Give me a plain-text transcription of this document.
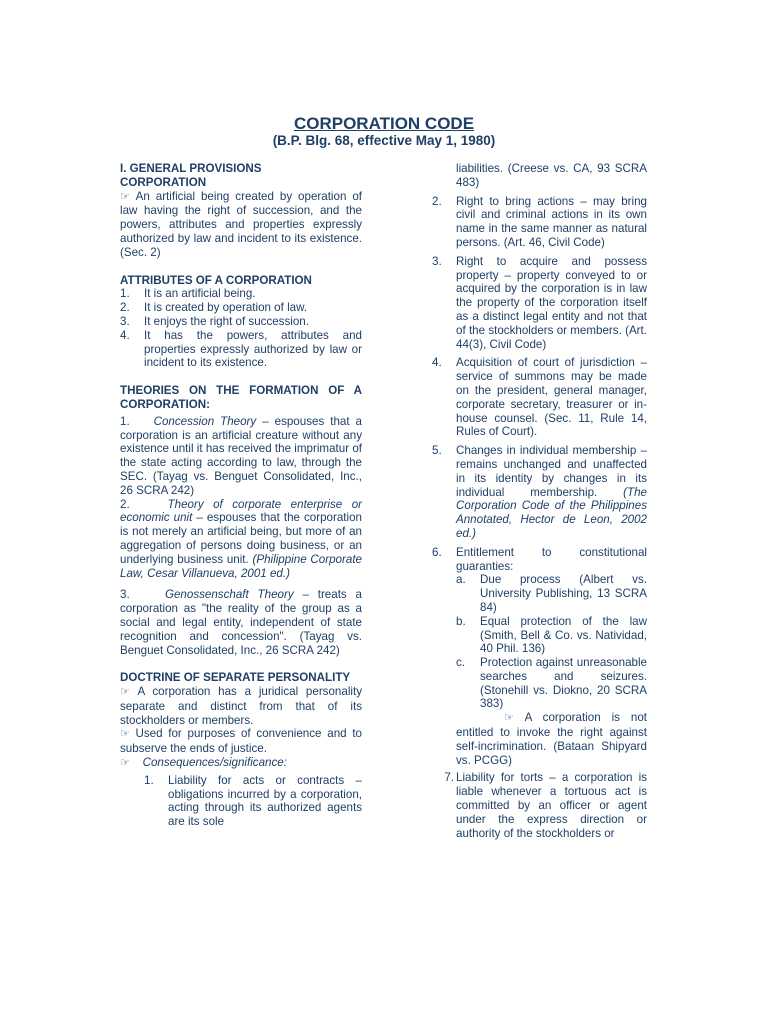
CORPORATION CODE
(B.P. Blg. 68, effective May 1, 1980)
I. GENERAL PROVISIONS
CORPORATION
☞ An artificial being created by operation of law having the right of succession, and the powers, attributes and properties expressly authorized by law and incident to its existence. (Sec. 2)
ATTRIBUTES OF A CORPORATION
1.	It is an artificial being.
2.	It is created by operation of law.
3.	It enjoys the right of succession.
4.	It has the powers, attributes and properties expressly authorized by law or incident to its existence.
THEORIES ON THE FORMATION OF A CORPORATION:
1. Concession Theory – espouses that a corporation is an artificial creature without any existence until it has received the imprimatur of the state acting according to law, through the SEC. (Tayag vs. Benguet Consolidated, Inc., 26 SCRA 242)
2.	Theory of corporate enterprise or economic unit – espouses that the corporation is not merely an artificial being, but more of an aggregation of persons doing business, or an underlying business unit. (Philippine Corporate Law, Cesar Villanueva, 2001 ed.)
3.	Genossenschaft Theory – treats a corporation as "the reality of the group as a social and legal entity, independent of state recognition and concession". (Tayag vs. Benguet Consolidated, Inc., 26 SCRA 242)
DOCTRINE OF SEPARATE PERSONALITY
☞ A corporation has a juridical personality separate and distinct from that of its stockholders or members.
☞ Used for purposes of convenience and to subserve the ends of justice.
☞    Consequences/significance:
1.	Liability for acts or contracts – obligations incurred by a corporation, acting through its authorized agents are its sole
liabilities. (Creese vs. CA, 93 SCRA 483)
2.	Right to bring actions – may bring civil and criminal actions in its own name in the same manner as natural persons. (Art. 46, Civil Code)
3.	Right to acquire and possess property – property conveyed to or acquired by the corporation is in law the property of the corporation itself as a distinct legal entity and not that of the stockholders or members. (Art. 44(3), Civil Code)
4.	Acquisition of court of jurisdiction – service of summons may be made on the president, general manager, corporate secretary, treasurer or in-house counsel. (Sec. 11, Rule 14, Rules of Court).
5.	Changes in individual membership – remains unchanged and unaffected in its identity by changes in its individual membership. (The Corporation Code of the Philippines Annotated, Hector de Leon, 2002 ed.)
6.	Entitlement to constitutional guaranties:
a.	Due process (Albert vs. University Publishing, 13 SCRA 84)
b.	Equal protection of the law (Smith, Bell & Co. vs. Natividad, 40 Phil. 136)
c.	Protection against unreasonable searches and seizures. (Stonehill vs. Diokno, 20 SCRA 383)
☞ A corporation is not entitled to invoke the right against self-incrimination. (Bataan Shipyard vs. PCGG)
7. Liability for torts – a corporation is liable whenever a tortuous act is committed by an officer or agent under the express direction or authority of the stockholders or
